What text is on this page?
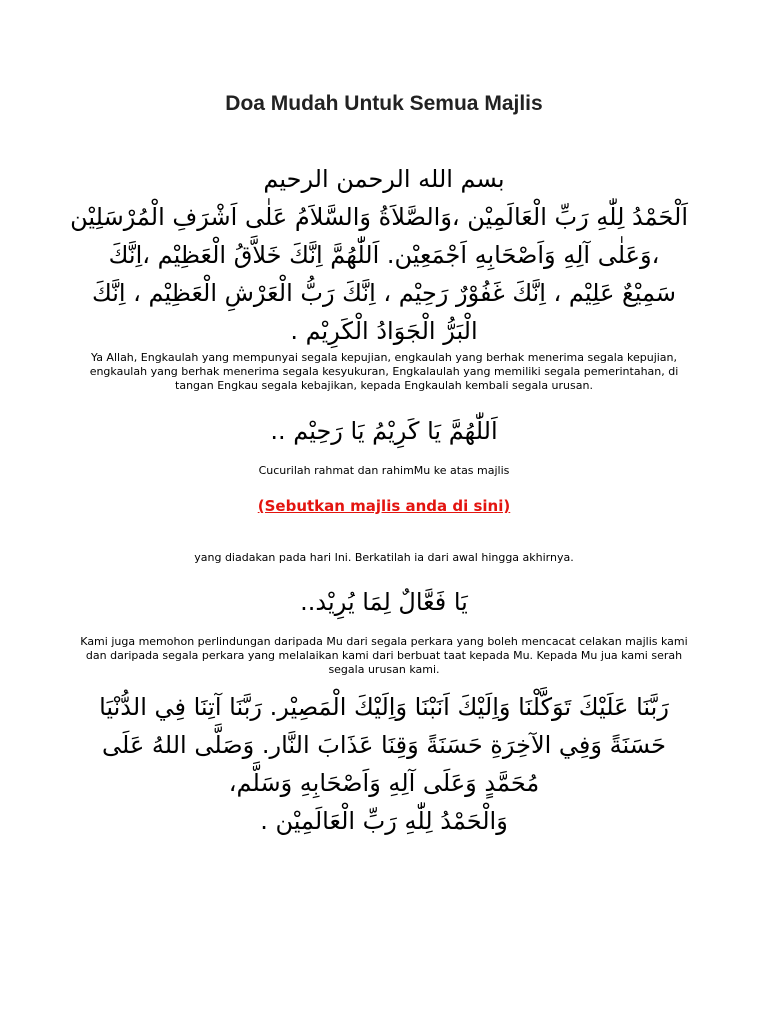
Doa Mudah Untuk Semua Majlis
بسم الله الرحمن الرحيم
اَلْحَمْدُ لِلّٰهِ رَبِّ الْعَالَمِيْن ،وَالصَّلاَةُ وَالسَّلاَمُ عَلٰى اَشْرَفِ الْمُرْسَلِيْن
،وَعَلٰى آلِهِ وَاَصْحَابِهِ اَجْمَعِيْن. اَللّٰهُمَّ اِنَّكَ خَلاَّقُ الْعَظِيْم ،اِنَّكَ
سَمِيْعٌ عَلِيْم ، اِنَّكَ غَفُوْرٌ رَحِيْم ، اِنَّكَ رَبُّ الْعَرْشِ الْعَظِيْم ، اِنَّكَ
الْبَرُّ الْجَوَادُ الْكَرِيْم .
Ya Allah, Engkaulah yang mempunyai segala kepujian, engkaulah yang berhak menerima segala kepujian, engkaulah yang berhak menerima segala kesyukuran, Engkalaulah yang memiliki segala pemerintahan, di tangan Engkau segala kebajikan, kepada Engkaulah kembali segala urusan.
اَللّٰهُمَّ يَا كَرِيْمُ يَا رَحِيْم ..
Cucurilah rahmat dan rahimMu ke atas majlis
(Sebutkan majlis anda di sini)
yang diadakan pada hari Ini. Berkatilah ia dari awal hingga akhirnya.
يَا فَعَّالٌ لِمَا يُرِيْد..
Kami juga memohon perlindungan daripada Mu dari segala perkara yang boleh mencacat celakan majlis kami dan daripada segala perkara yang melalaikan kami dari berbuat taat kepada Mu. Kepada Mu jua kami serah segala urusan kami.
رَبَّنَا عَلَيْكَ تَوَكَّلْنَا وَاِلَيْكَ اَنَبْنَا وَاِلَيْكَ الْمَصِيْر. رَبَّنَا آتِنَا فِي الدُّنْيَا
حَسَنَةً وَفِي الآخِرَةِ حَسَنَةً وَقِنَا عَذَابَ النَّار. وَصَلَّى اللهُ عَلَى
مُحَمَّدٍ وَعَلَى آلِهِ وَاَصْحَابِهِ وَسَلَّم،
وَالْحَمْدُ لِلّٰهِ رَبِّ الْعَالَمِيْن .
